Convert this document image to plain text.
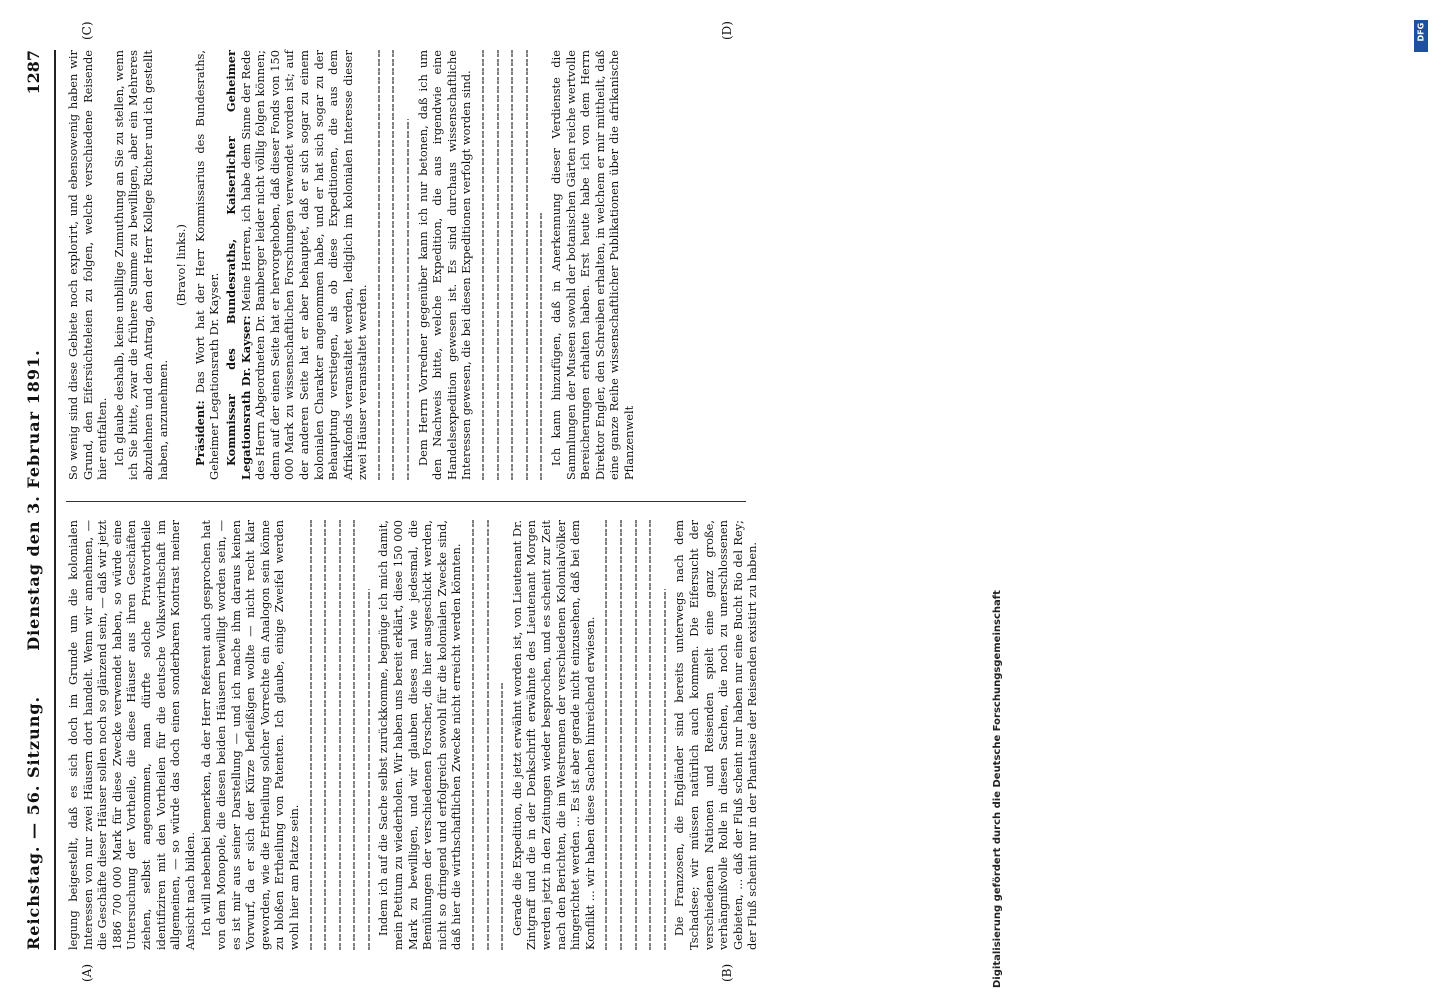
Reichstag. — 56. Sitzung.
Dienstag den 3. Februar 1891.
1287
(A)	(B)
(C)	(D)

legung beigestellt, daß es sich doch im Grunde um die kolonialen Interessen von nur zwei Häusern dort handelt. Wenn wir annehmen, — die Geschäfte dieser Häuser sollen noch so glänzend sein, — daß wir jetzt 1886 700 000 Mark für diese Zwecke verwendet haben, so würde eine Untersuchung der Vortheile, die diese Häuser aus ihren Geschäften ziehen, selbst angenommen, man dürfte solche Privatvortheile identifiziren mit den Vortheilen für die deutsche Volkswirthschaft im allgemeinen, — so würde das doch einen sonderbaren Kontrast meiner Ansicht nach bilden. Ich will nebenbei bemerken, da der Herr Referent auch gesprochen hat von dem Monopole, die diesen beiden Häusern bewilligt worden sein, — es ist mir aus seiner Darstellung — und ich mache ihm daraus keinen Vorwurf, da er sich der Kürze befleißigen wollte — nicht recht klar geworden, wie die Ertheilung solcher Vorrechte ein Analogon sein könne zu bloßen Ertheilung von Patenten. Ich glaube, einige Zweifel werden wohl hier am Platze sein.	Indem ich auf die Sache selbst zurückkomme, begnüge ich mich damit, mein Petitum zu wiederholen. Wir haben uns bereit erklärt, diese 150 000 Mark zu bewilligen, und wir glauben dieses mal wie jedesmal, die Bemühungen der verschiedenen Forscher, die hier ausgeschickt werden, nicht so dringend und erfolgreich sowohl für die kolonialen Zwecke sind, daß hier die wirthschaftlichen Zwecke nicht erreicht werden könnten.	Gerade die Expedition, die jetzt erwähnt worden ist, von Lieutenant Dr. Zintgraff und die in der Denkschrift erwähnte des Lieutenant Morgen werden jetzt in den Zeitungen wieder besprochen, und es scheint zur Zeit nach den Berichten, die im Westrennen der verschiedenen Kolonialvölker hingerichtet werden ... Es ist aber gerade nicht einzusehen, daß bei dem Konflikt ... wir haben diese Sachen hinreichend erwiesen.	Die Franzosen, die Engländer sind bereits unterwegs nach dem Tschadsee; wir müssen natürlich auch kommen. Die Eifersucht der verschiedenen Nationen und Reisenden spielt eine ganz große, verhängnißvolle Rolle in diesen Sachen, die noch zu unerschlossenen Gebieten, ... daß der Fluß scheint nur haben nur eine Bucht Rio del Rey; der Fluß scheint nur in der Phantasie der Reisenden existirt zu haben.

So wenig sind diese Gebiete noch explorirt, und ebensowenig haben wir Grund, den Eifersüchteleien zu folgen, welche verschiedene Reisende hier entfalten. Ich glaube deshalb, keine unbillige Zumuthung an Sie zu stellen, wenn ich Sie bitte, zwar die frühere Summe zu bewilligen, aber ein Mehreres abzulehnen und den Antrag, den der Herr Kollege Richter und ich gestellt haben, anzunehmen.

(Bravo! links.)

Präsident: Das Wort hat der Herr Kommissarius des Bundesraths, Geheimer Legationsrath Dr. Kayser. Kommissar des Bundesraths, Kaiserlicher Geheimer Legationsrath Dr. Kayser: Meine Herren, ich habe dem Sinne der Rede des Herrn Abgeordneten Dr. Bamberger leider nicht völlig folgen können; denn auf der einen Seite hat er hervorgehoben, daß dieser Fonds von 150 000 Mark zu wissenschaftlichen Forschungen verwendet worden ist; auf der anderen Seite hat er aber behauptet, daß er sich sogar zu einem kolonialen Charakter angenommen habe, und er hat sich sogar zu der Behauptung verstiegen, als ob diese Expeditionen, die aus dem Afrikafonds veranstaltet werden, lediglich im kolonialen Interesse dieser zwei Häuser veranstaltet werden.	Dem Herrn Vorredner gegenüber kann ich nur betonen, daß ich um den Nachweis bitte, welche Expedition, die aus irgendwie eine Handelsexpedition gewesen ist. Es sind durchaus wissenschaftliche Interessen gewesen, die bei diesen Expeditionen verfolgt worden sind.	Ich kann hinzufügen, daß in Anerkennung dieser Verdienste die Sammlungen der Museen sowohl der botanischen Gärten reiche wertvolle Bereicherungen erhalten haben. Erst heute habe ich von dem Herrn Direktor Engler, den Schreiben erhalten, in welchem er mir mittheilt, daß eine ganze Reihe wissenschaftlicher Publikationen über die afrikanische Pflanzenwelt

Digitalisierung gefördert durch die Deutsche Forschungsgemeinschaft
DFG
